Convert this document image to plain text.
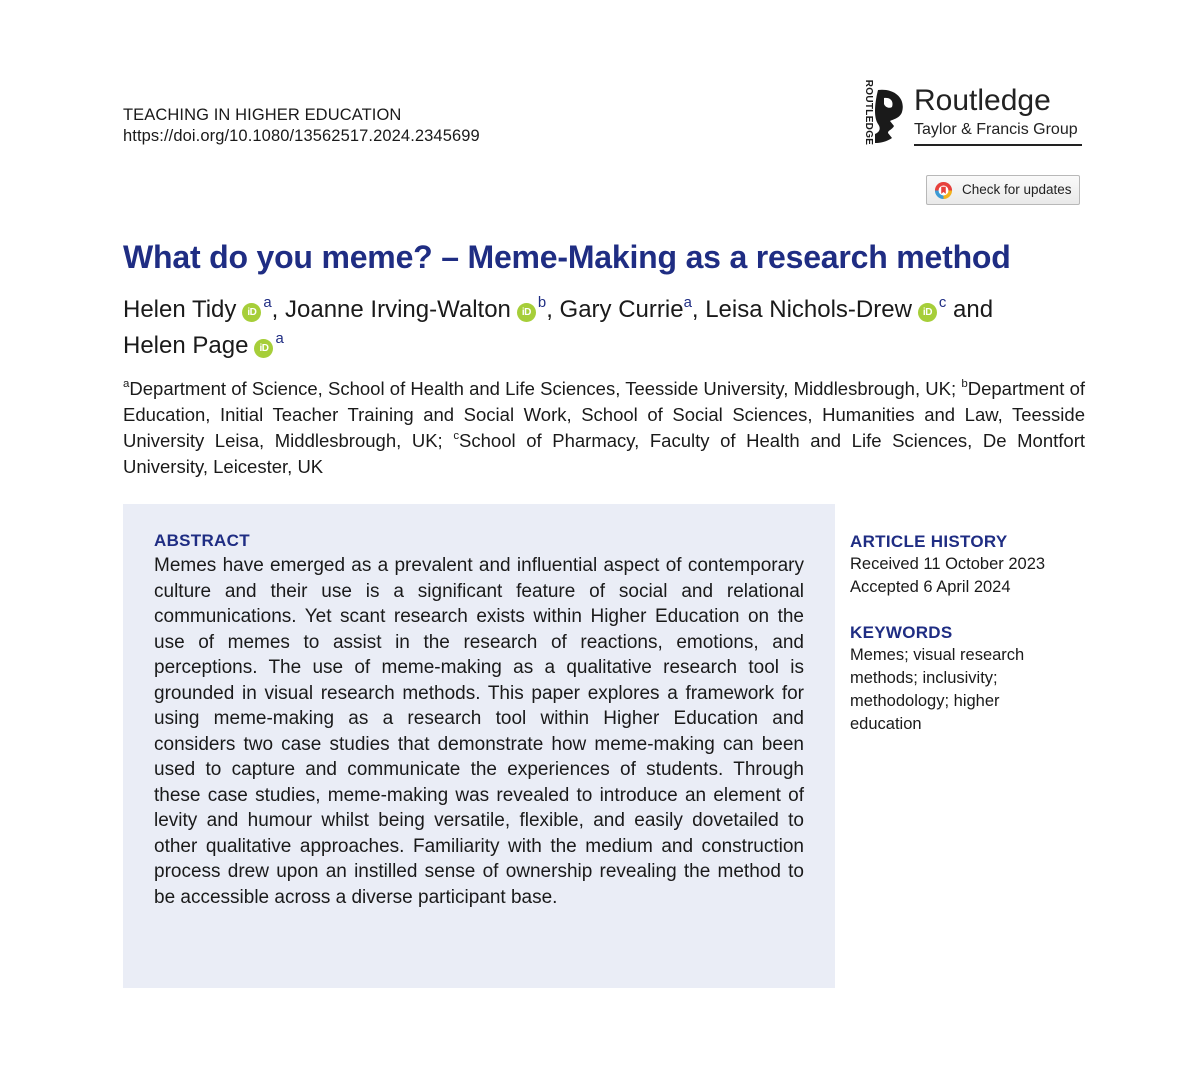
TEACHING IN HIGHER EDUCATION
https://doi.org/10.1080/13562517.2024.2345699	ROUTLEDGE Routledge
Taylor & Francis Group
Check for updates
What do you meme? – Meme-Making as a research method
Helen Tidy $iD^a$, Joanne Irving-Walton $iD^b$, Gary Currie$^a$, Leisa Nichols-Drew $iD^c$ and
Helen Page $iD^a$
$^a$Department of Science, School of Health and Life Sciences, Teesside University, Middlesbrough, UK; $^b$Department of Education, Initial Teacher Training and Social Work, School of Social Sciences, Humanities and Law, Teesside University Leisa, Middlesbrough, UK; $^c$School of Pharmacy, Faculty of Health and Life Sciences, De Montfort University, Leicester, UK
ABSTRACT

Memes have emerged as a prevalent and influential aspect of contemporary culture and their use is a significant feature of social and relational communications. Yet scant research exists within Higher Education on the use of memes to assist in the research of reactions, emotions, and perceptions. The use of meme-making as a qualitative research tool is grounded in visual research methods. This paper explores a framework for using meme-making as a research tool within Higher Education and considers two case studies that demonstrate how meme-making can been used to capture and communicate the experiences of students. Through these case studies, meme-making was revealed to introduce an element of levity and humour whilst being versatile, flexible, and easily dovetailed to other qualitative approaches. Familiarity with the medium and construction process drew upon an instilled sense of ownership revealing the method to be accessible across a diverse participant base.

ARTICLE HISTORY
Received 11 October 2023
Accepted 6 April 2024
KEYWORDS
Memes; visual research methods; inclusivity; methodology; higher education
